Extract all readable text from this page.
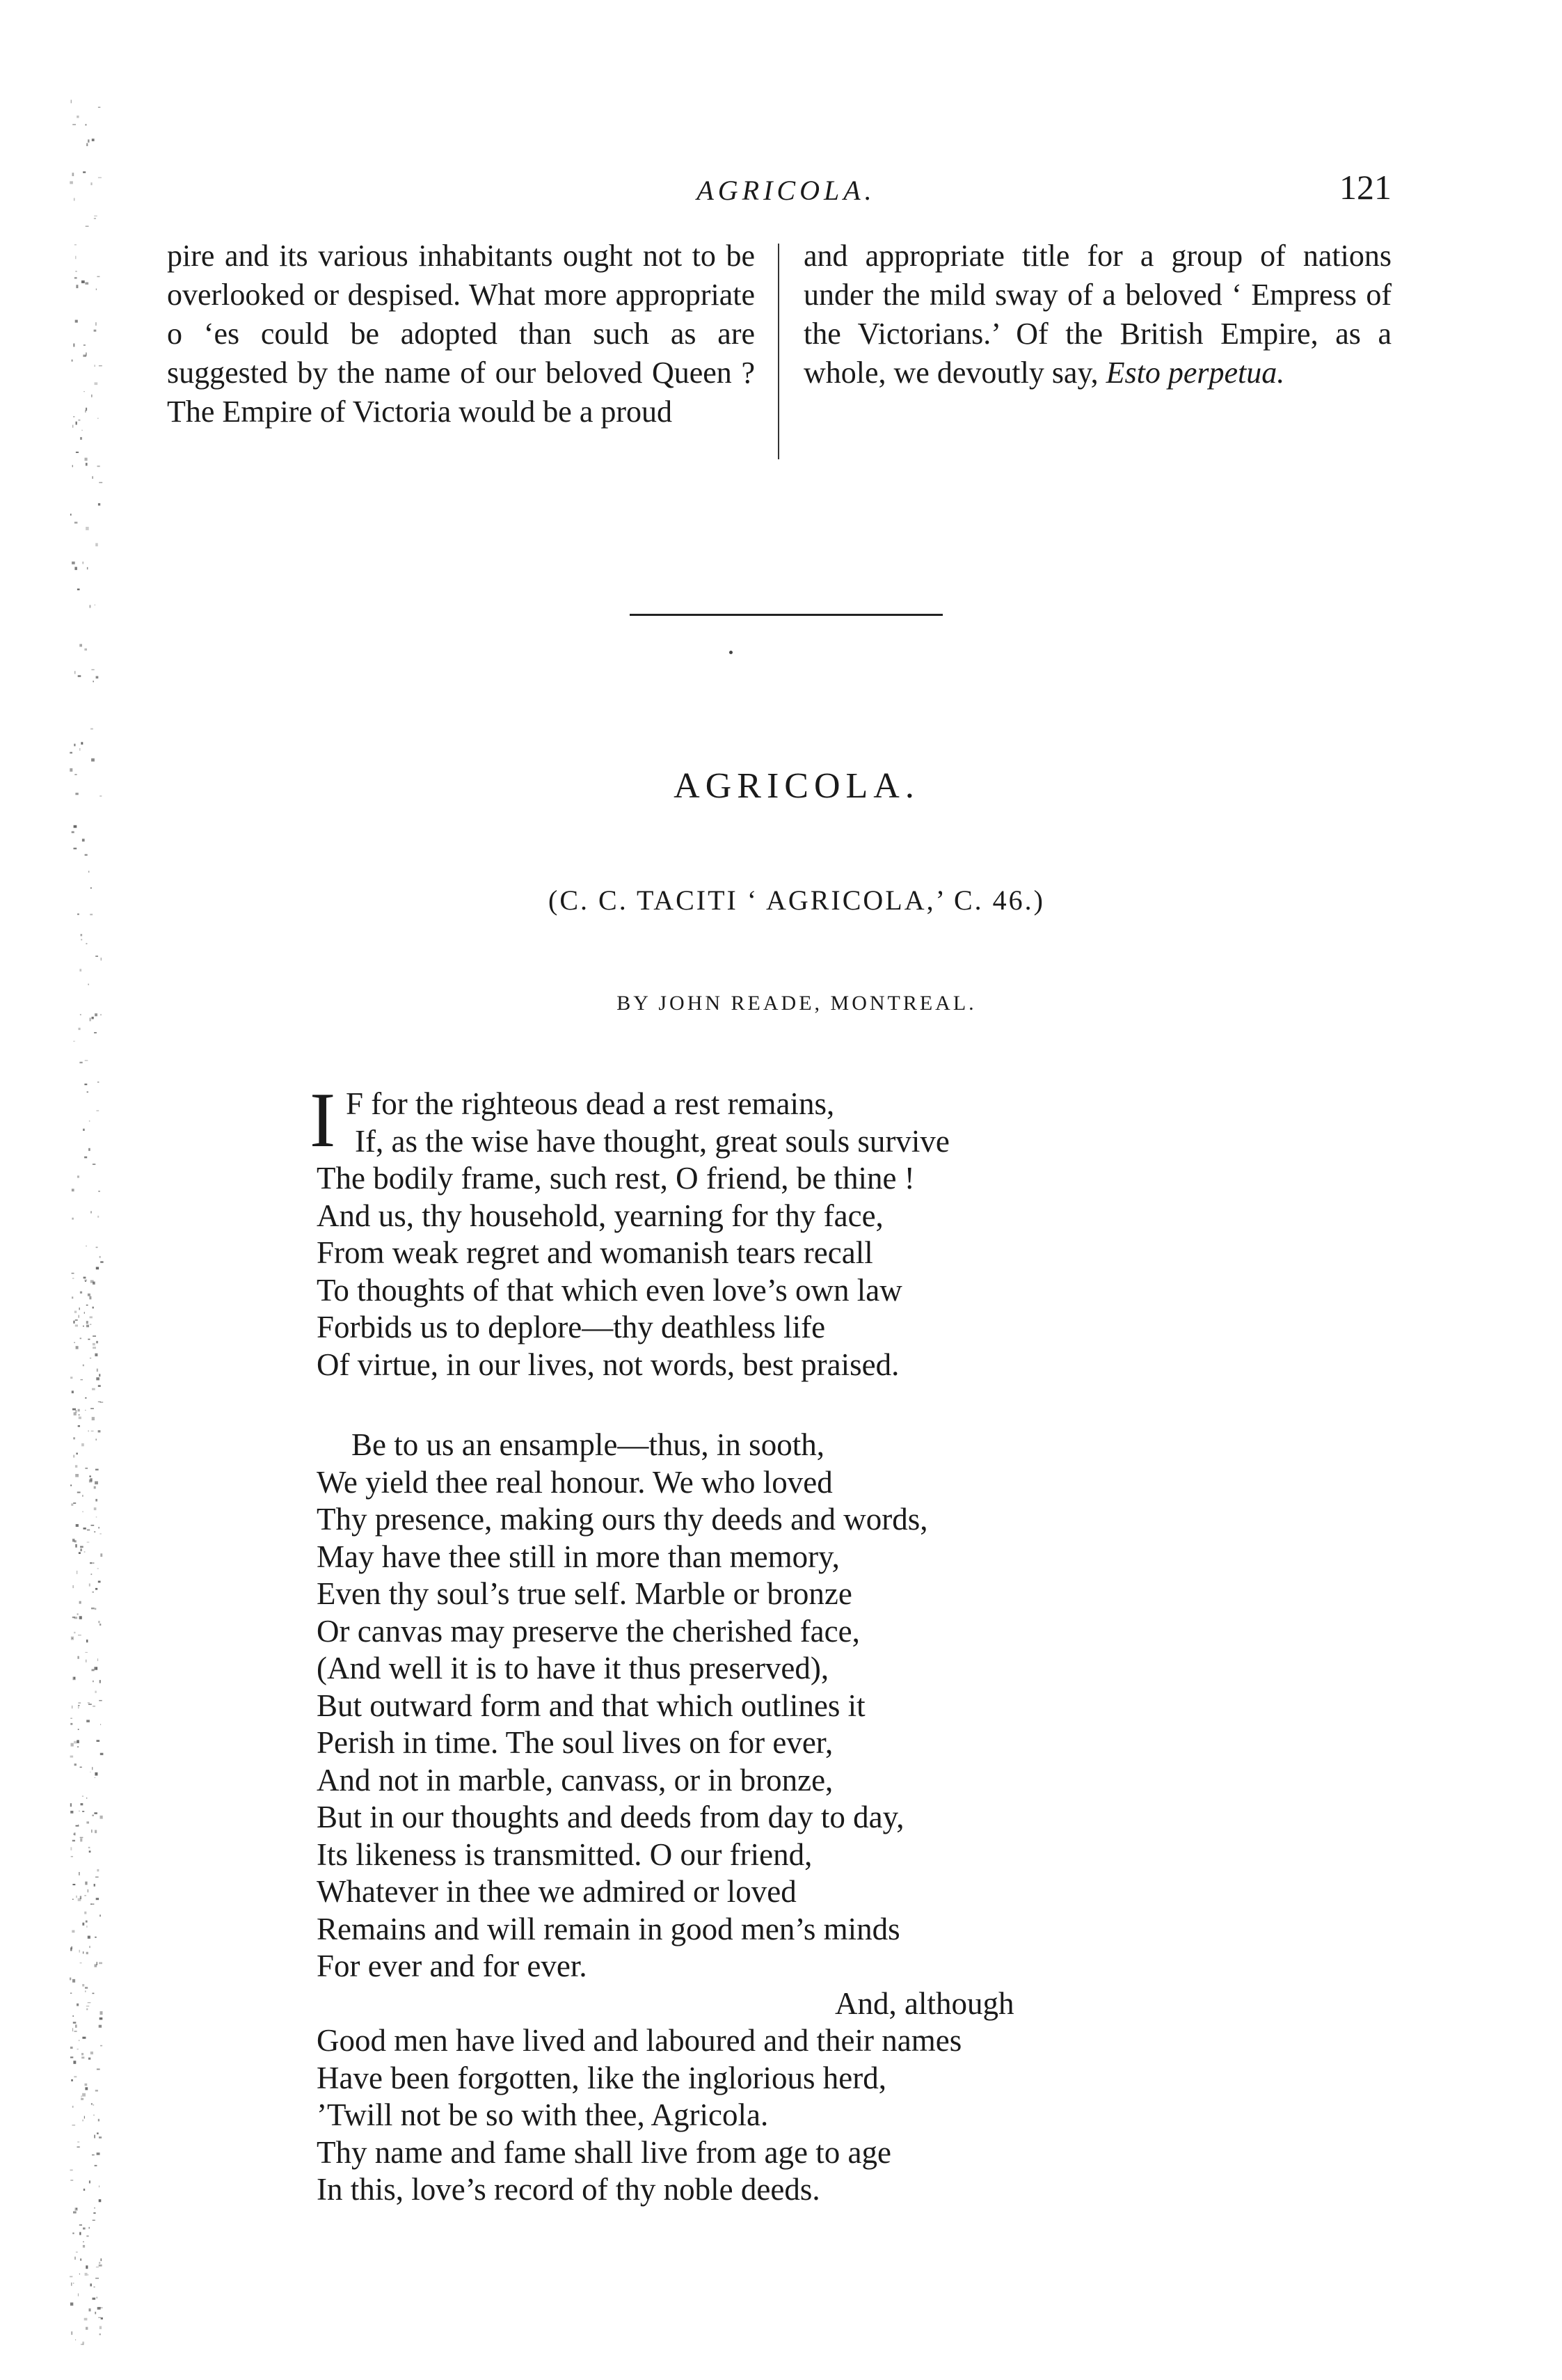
AGRICOLA.	121

pire and its various inhabitants ought not to be overlooked or despised. What more appropriate o ‘es could be adopted than such as are suggested by the name of our beloved Queen ? The Empire of Victoria would be a proud

and appropriate title for a group of nations under the mild sway of a beloved ‘ Empress of the Victorians.’ Of the British Empire, as a whole, we devoutly say, Esto perpetua.

AGRICOLA.
(C. C. TACITI ‘ AGRICOLA,’ C. 46.)
BY JOHN READE, MONTREAL.
I F for the righteous dead a rest remains,
If, as the wise have thought, great souls survive
The bodily frame, such rest, O friend, be thine !
And us, thy household, yearning for thy face,
From weak regret and womanish tears recall
To thoughts of that which even love’s own law
Forbids us to deplore—thy deathless life
Of virtue, in our lives, not words, best praised.
Be to us an ensample—thus, in sooth,
We yield thee real honour. We who loved
Thy presence, making ours thy deeds and words,
May have thee still in more than memory,
Even thy soul’s true self. Marble or bronze
Or canvas may preserve the cherished face,
(And well it is to have it thus preserved),
But outward form and that which outlines it
Perish in time. The soul lives on for ever,
And not in marble, canvass, or in bronze,
But in our thoughts and deeds from day to day,
Its likeness is transmitted. O our friend,
Whatever in thee we admired or loved
Remains and will remain in good men’s minds
For ever and for ever.
And, although
Good men have lived and laboured and their names
Have been forgotten, like the inglorious herd,
’Twill not be so with thee, Agricola.
Thy name and fame shall live from age to age
In this, love’s record of thy noble deeds.
